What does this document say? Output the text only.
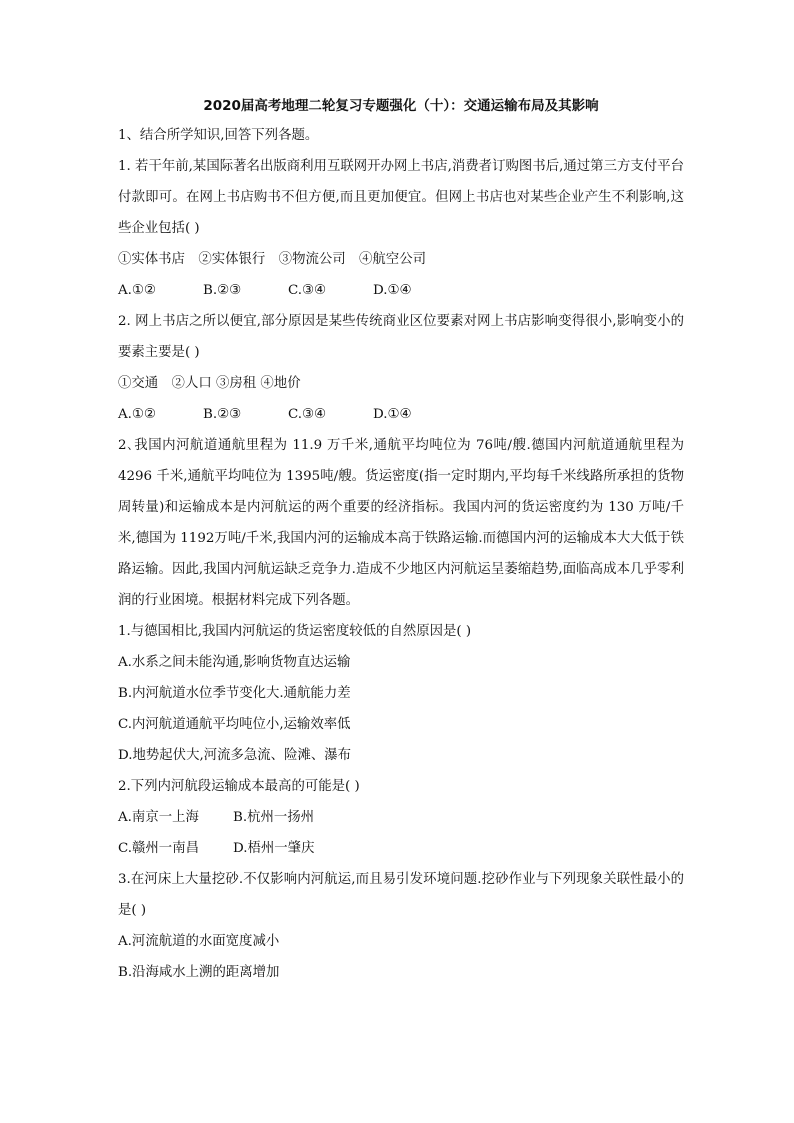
2020届高考地理二轮复习专题强化（十）：交通运输布局及其影响
1、结合所学知识,回答下列各题。
1. 若干年前,某国际著名出版商利用互联网开办网上书店,消费者订购图书后,通过第三方支付平台付款即可。在网上书店购书不但方便,而且更加便宜。但网上书店也对某些企业产生不利影响,这些企业包括( )
①实体书店　②实体银行　③物流公司　④航空公司
A.①②	B.②③	C.③④	D.①④
2. 网上书店之所以便宜,部分原因是某些传统商业区位要素对网上书店影响变得很小,影响变小的要素主要是( )
①交通　②人口 ③房租 ④地价
A.①②	B.②③	C.③④	D.①④
2､我国内河航道通航里程为 11.9 万千米,通航平均吨位为 76吨/艘.德国内河航道通航里程为4296 千米,通航平均吨位为 1395吨/艘。货运密度(指一定时期内,平均每千米线路所承担的货物周转量)和运输成本是内河航运的两个重要的经济指标。我国内河的货运密度约为 130 万吨/千米,德国为 1192万吨/千米,我国内河的运输成本高于铁路运输.而德国内河的运输成本大大低于铁路运输。因此,我国内河航运缺乏竞争力.造成不少地区内河航运呈萎缩趋势,面临高成本几乎零利润的行业困境。根据材料完成下列各题。
1.与德国相比,我国内河航运的货运密度较低的自然原因是( )
A.水系之间未能沟通,影响货物直达运输
B.内河航道水位季节变化大.通航能力差
C.内河航道通航平均吨位小,运输效率低
D.地势起伏大,河流多急流、险滩、瀑布
2.下列内河航段运输成本最高的可能是( )
A.南京一上海	B.杭州一扬州
C.赣州一南昌	D.梧州一肇庆
3.在河床上大量挖砂.不仅影响内河航运,而且易引发环境问题.挖砂作业与下列现象关联性最小的是( )
A.河流航道的水面宽度减小
B.沿海咸水上溯的距离增加
